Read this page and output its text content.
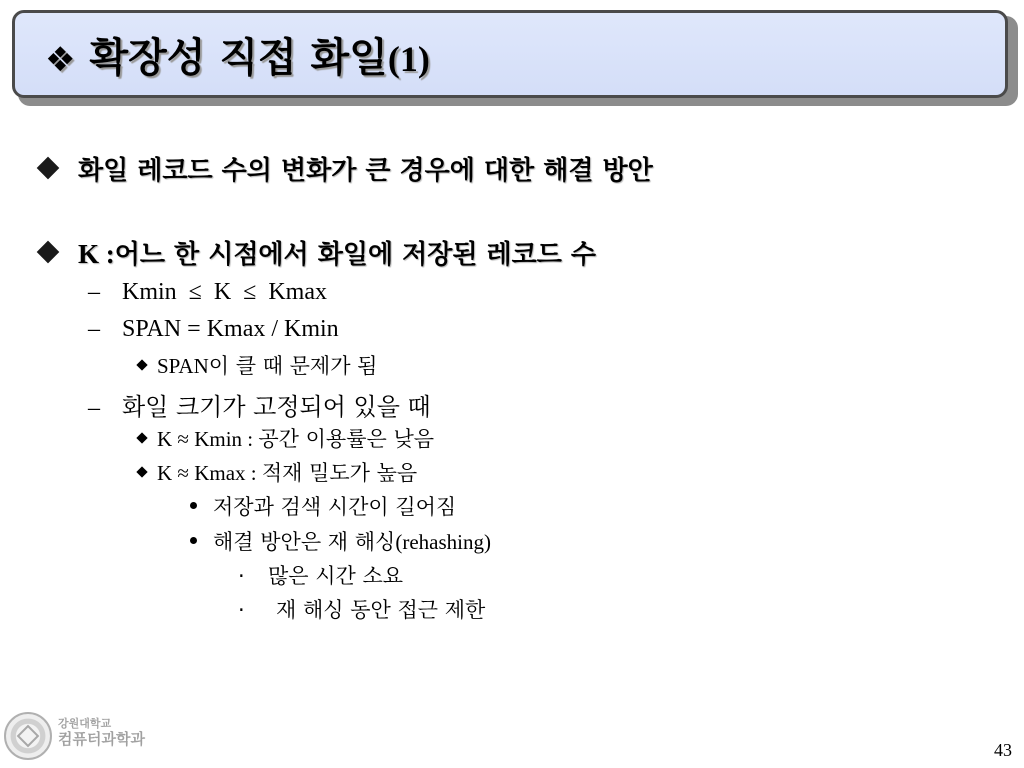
❖ 확장성 직접 화일 (1)
화일 레코드 수의 변화가 큰 경우에 대한 해결 방안
K : 어느 한 시점에서 화일에 저장된 레코드 수
– Kmin  ≤  K  ≤  Kmax
– SPAN = Kmax / Kmin
SPAN 이 클 때 문제가 됨
– 화일 크기가 고정되어 있을 때
K ≈ Kmin : 공간 이용률은 낮음
K ≈ Kmax : 적재 밀도가 높음
저장과 검색 시간이 길어짐
해결 방안은 재 해싱 (rehashing)
·	많은 시간 소요
·	재 해싱 동안 접근 제한
강원대학교
컴퓨터과학과
43
